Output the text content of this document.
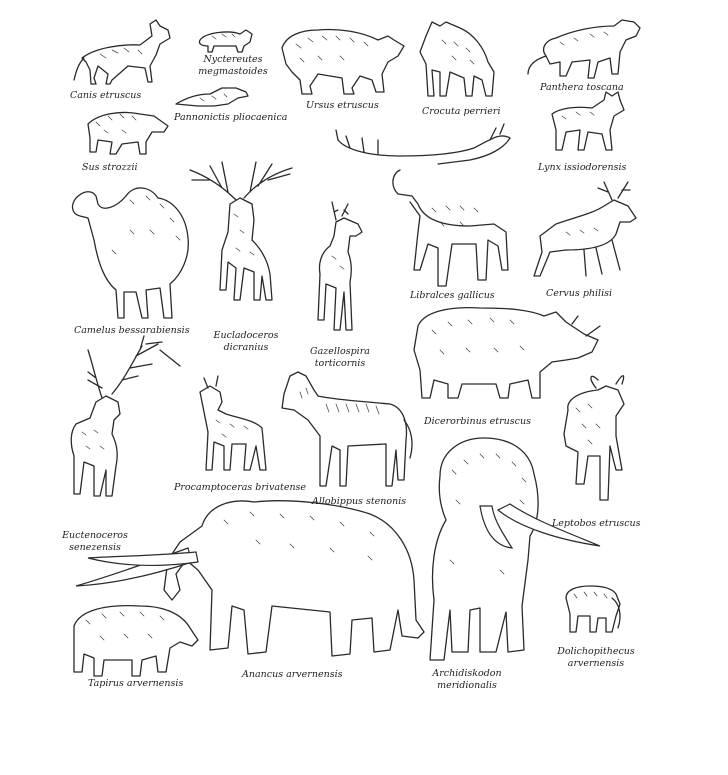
Canis etruscus
Nyctereutes
megmastoides
Ursus etruscus
Crocuta perrieri
Panthera toscana
Pannonictis pliocaenica
Sus strozzii	Lynx issiodorensis
Libralces gallicus	Cervus philisi
Camelus bessarabiensis	Eucladoceros
dicranius	Gazellospira
torticornis
Dicerorbinus etruscus
Procamptoceras brivatense
Allobippus stenonis
Leptobos etruscus
Euctenoceros
senezensis
Anancus arvernensis	Archidiskodon
meridionalis
Tapirus arvernensis
Dolichopithecus
arvernensis
